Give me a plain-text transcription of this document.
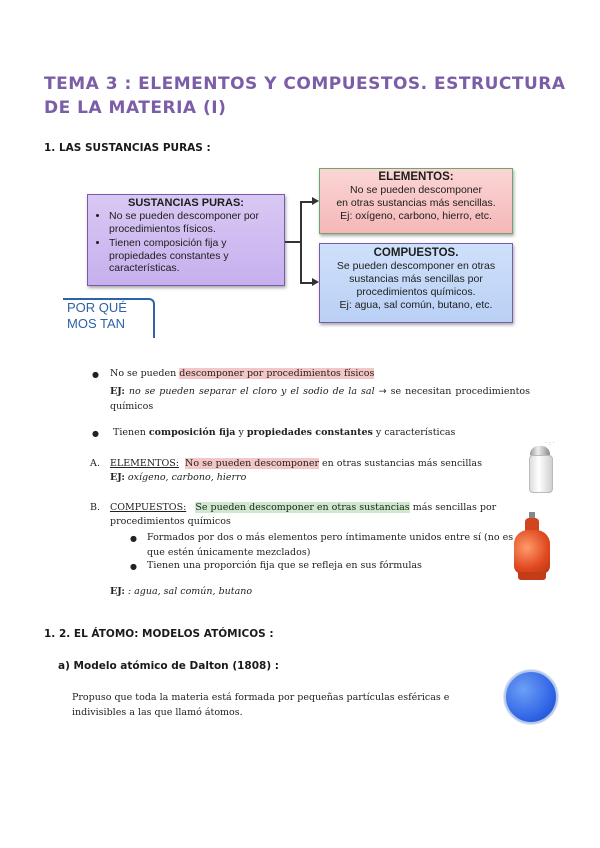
TEMA 3 : ELEMENTOS Y COMPUESTOS. ESTRUCTURA DE LA MATERIA (I)
1. LAS SUSTANCIAS PURAS :
SUSTANCIAS PURAS:
• No se pueden descomponer por procedimientos físicos.
• Tienen composición fija y propiedades constantes y características.
ELEMENTOS:
No se pueden descomponer
en otras sustancias más sencillas.
Ej: oxígeno, carbono, hierro, etc.
COMPUESTOS.
Se pueden descomponer en otras
sustancias más sencillas por
procedimientos químicos.
Ej: agua, sal común, butano, etc.
POR QUÉ
MOS TAN
● No se pueden descomponer por procedimientos físicos

EJ: no se pueden separar el cloro y el sodio de la sal → se necesitan procedimientos químicos

● Tienen composición fija y propiedades constantes y características

A. ELEMENTOS: No se pueden descomponer en otras sustancias más sencillas

EJ: oxígeno, carbono, hierro

· : ·
B. COMPUESTOS: Se pueden descomponer en otras sustancias más sencillas por

procedimientos químicos

● Formados por dos o más elementos pero íntimamente unidos entre sí (no es
que estén únicamente mezclados)

● Tienen una proporción fija que se refleja en sus fórmulas

EJ: : agua, sal común, butano

1. 2. EL ÁTOMO: MODELOS ATÓMICOS :
a) Modelo atómico de Dalton (1808) :

Propuso que toda la materia está formada por pequeñas partículas esféricas e
indivisibles a las que llamó átomos.
